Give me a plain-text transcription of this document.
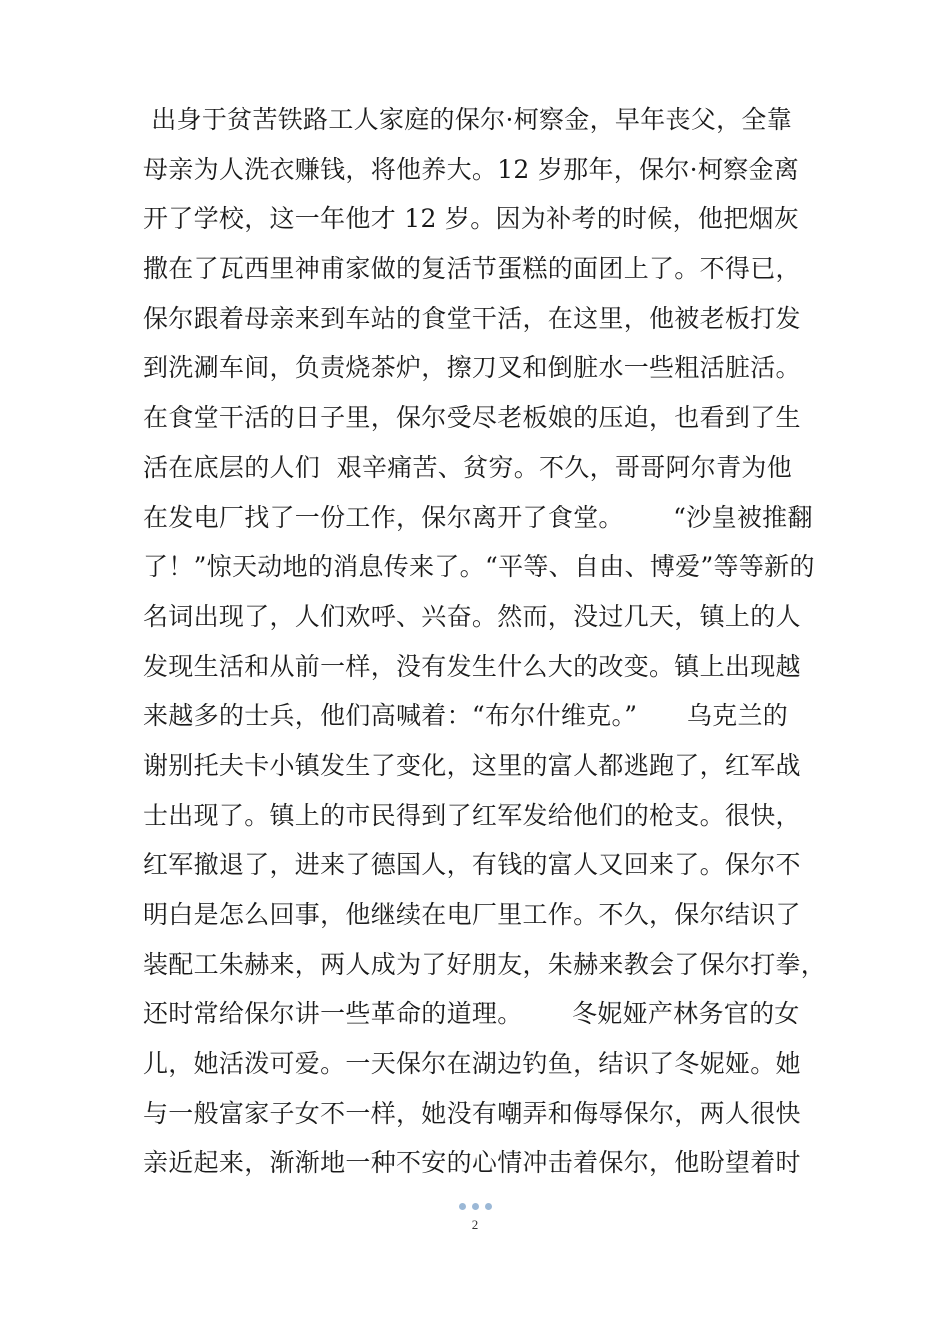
出身于贫苦铁路工人家庭的保尔·柯察金，早年丧父，全靠
母亲为人洗衣赚钱，将他养大。12 岁那年，保尔·柯察金离
开了学校，这一年他才 12 岁。因为补考的时候，他把烟灰
撒在了瓦西里神甫家做的复活节蛋糕的面团上了。不得已，
保尔跟着母亲来到车站的食堂干活，在这里，他被老板打发
到洗涮车间，负责烧茶炉，擦刀叉和倒脏水一些粗活脏活。
在食堂干活的日子里，保尔受尽老板娘的压迫，也看到了生
活在底层的人们  艰辛痛苦、贫穷。不久，哥哥阿尔青为他
在发电厂找了一份工作，保尔离开了食堂。      “沙皇被推翻
了！”惊天动地的消息传来了。“平等、自由、博爱”等等新的
名词出现了，人们欢呼、兴奋。然而，没过几天，镇上的人
发现生活和从前一样，没有发生什么大的改变。镇上出现越
来越多的士兵，他们高喊着：“布尔什维克。”      乌克兰的
谢别托夫卡小镇发生了变化，这里的富人都逃跑了，红军战
士出现了。镇上的市民得到了红军发给他们的枪支。很快，
红军撤退了，进来了德国人，有钱的富人又回来了。保尔不
明白是怎么回事，他继续在电厂里工作。不久，保尔结识了
装配工朱赫来，两人成为了好朋友，朱赫来教会了保尔打拳，
还时常给保尔讲一些革命的道理。      冬妮娅产林务官的女
儿，她活泼可爱。一天保尔在湖边钓鱼，结识了冬妮娅。她
与一般富家子女不一样，她没有嘲弄和侮辱保尔，两人很快
亲近起来，渐渐地一种不安的心情冲击着保尔，他盼望着时
2
